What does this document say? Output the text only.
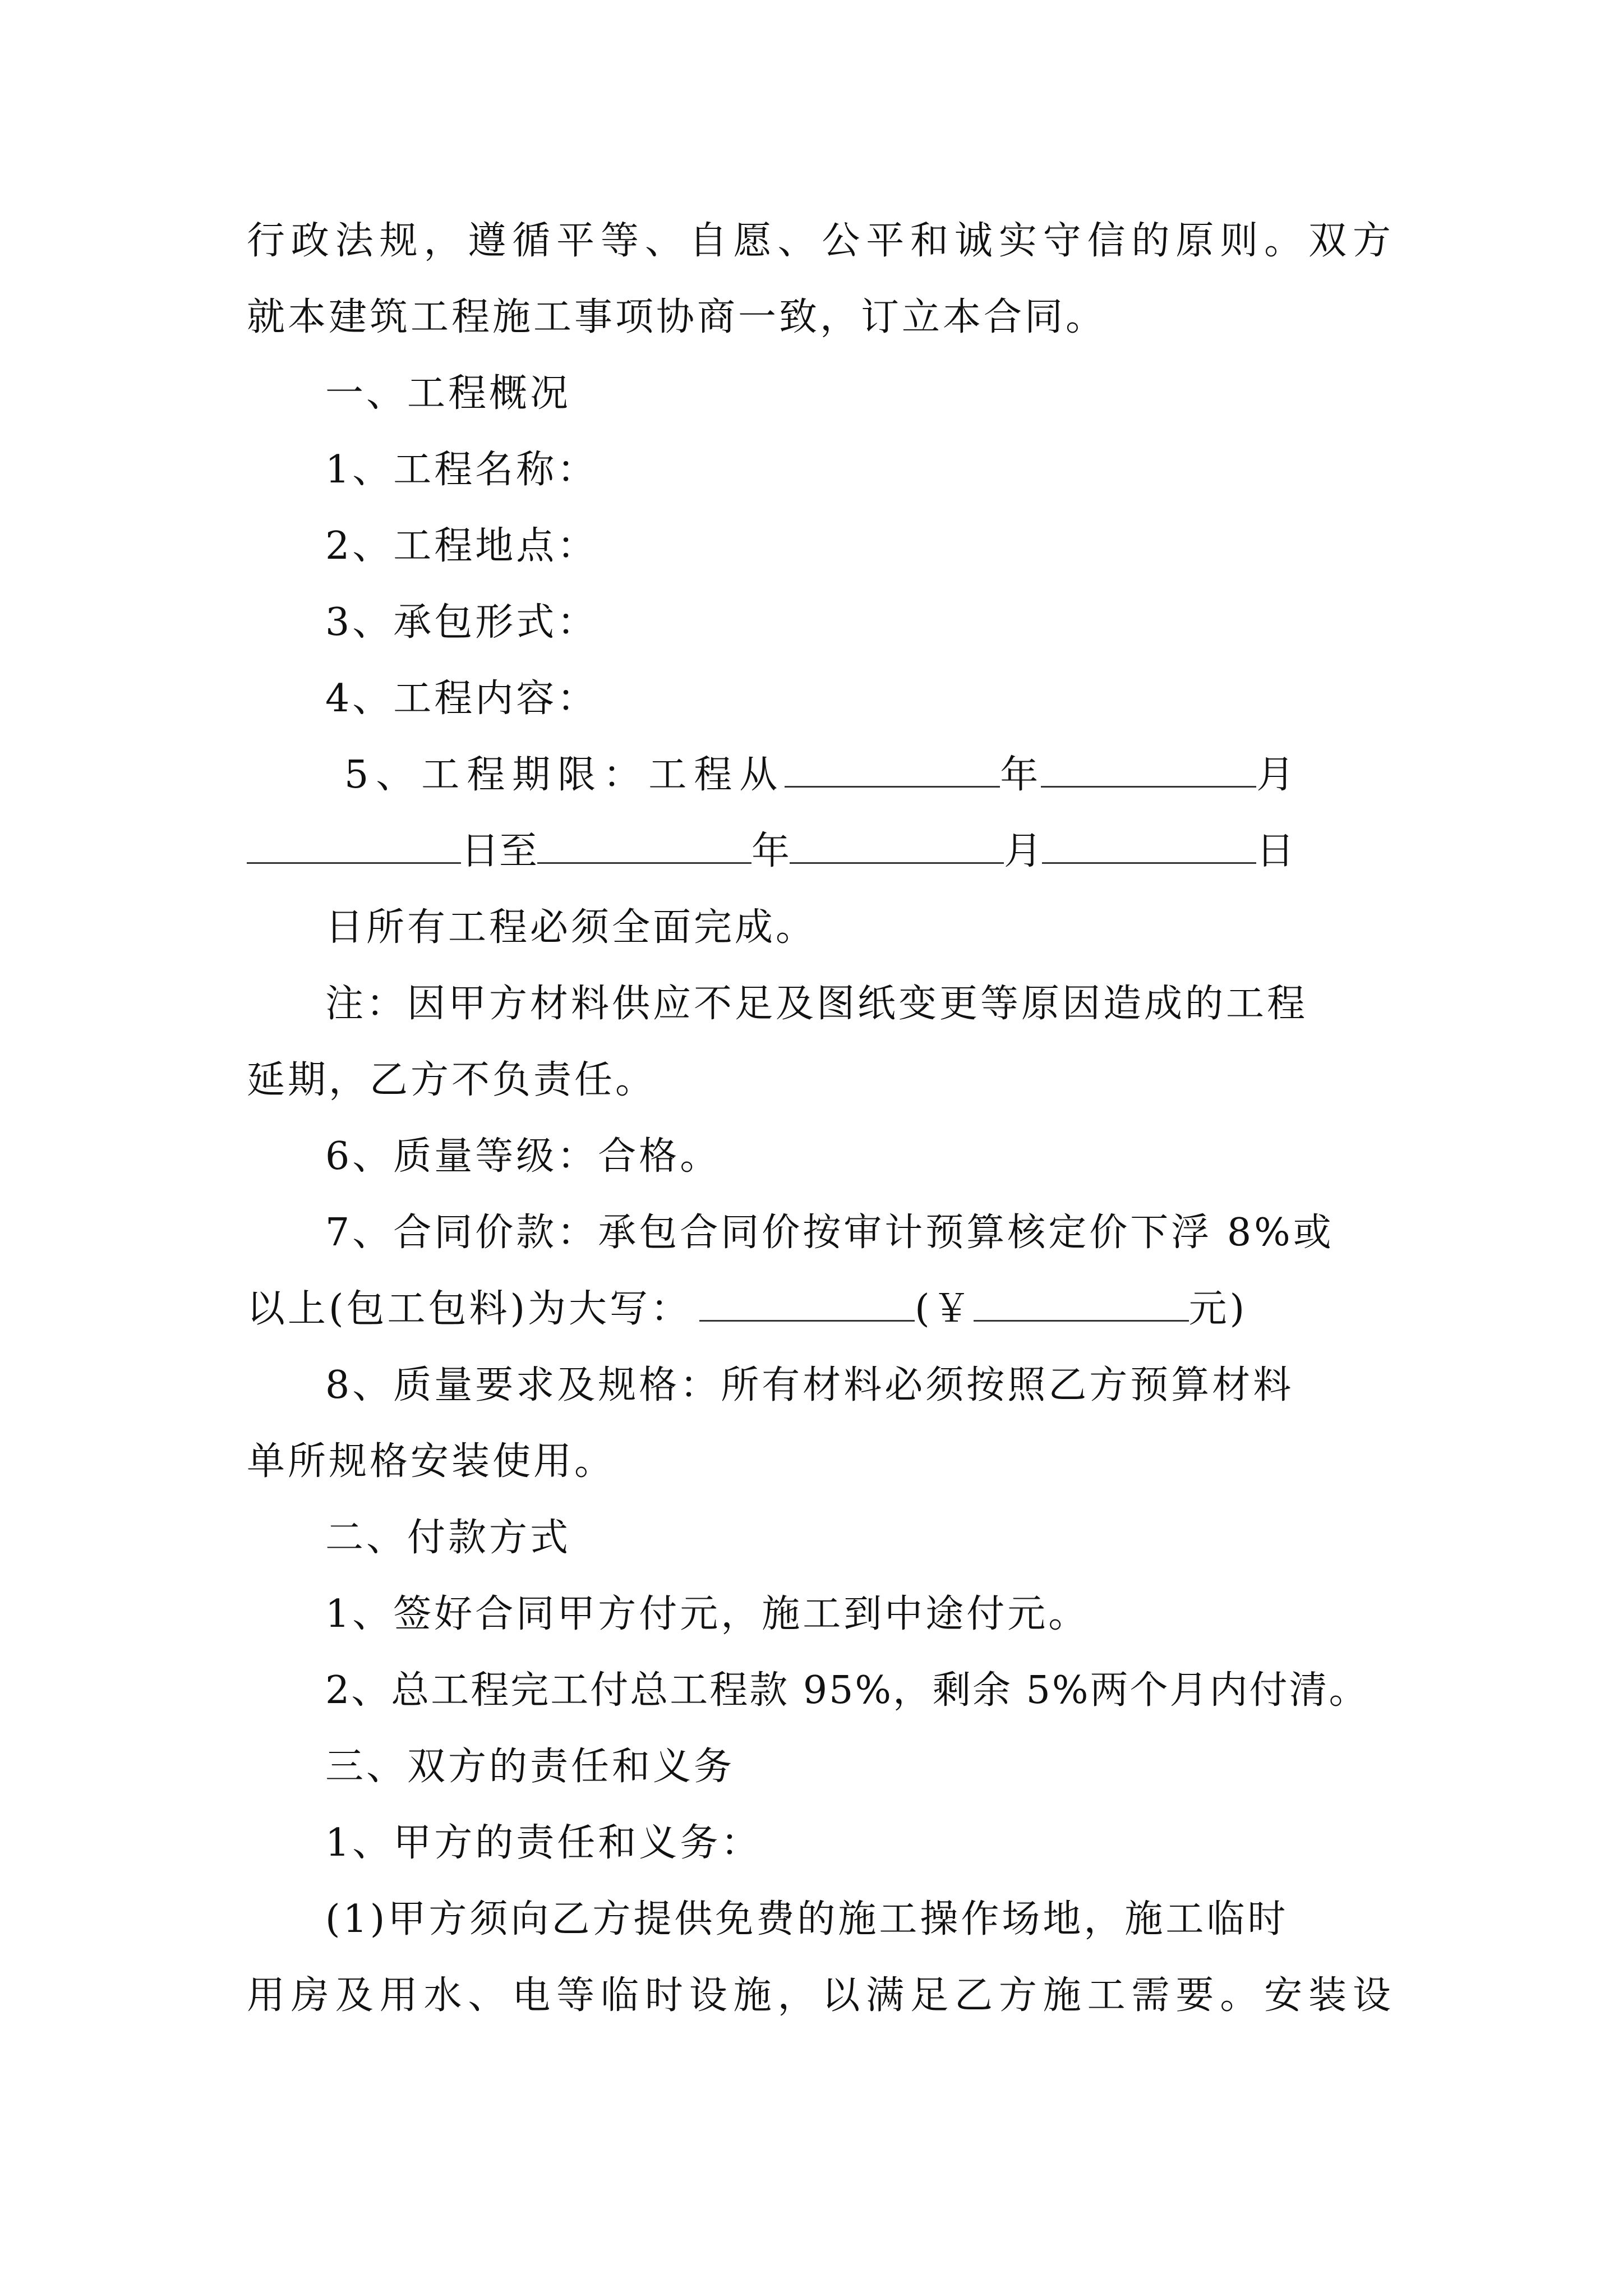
行 政 法 规 ， 遵 循 平 等 、 自 愿 、 公 平 和 诚 实 守 信 的 原 则 。 双 方
就本建筑工程施工事项协商一致，订立本合同。
一、工程概况
1、工程名称：
2、工程地点：
3、承包形式：
4、工程内容：
5、工程期限：工程从	年	月
日至	年	月	日
日所有工程必须全面完成。
注：因甲方材料供应不足及图纸变更等原因造成的工程
延期，乙方不负责任。
6、质量等级：合格。
7、合同价款：承包合同价按审计预算核定价下浮 8%或
以上(包工包料)为大写：	(￥	元)
8、质量要求及规格：所有材料必须按照乙方预算材料
单所规格安装使用。
二、付款方式
1、签好合同甲方付元，施工到中途付元。
2、总工程完工付总工程款 95%，剩余 5%两个月内付清。
三、双方的责任和义务
1、甲方的责任和义务：
(1)甲方须向乙方提供免费的施工操作场地，施工临时
用 房 及 用 水 、 电 等 临 时 设 施 ， 以 满 足 乙 方 施 工 需 要 。 安 装 设
